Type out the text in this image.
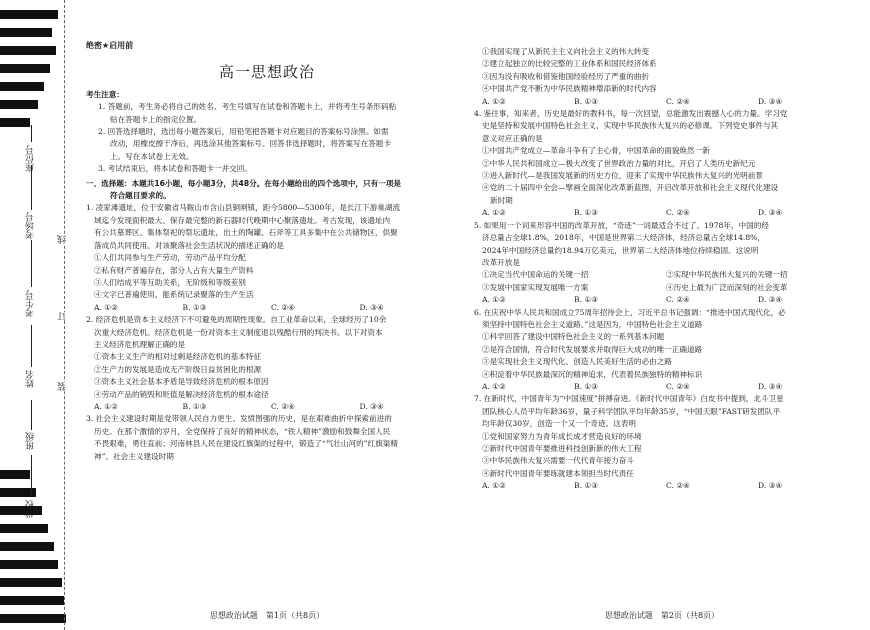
学校
班级
姓名
考生号
考场号
座位号
线
订
装

绝密★启用前

高一思想政治

考生注意：

1. 答题前，考生务必将自己的姓名、考生号填写在试卷和答题卡上，并将考生号条形码粘

贴在答题卡上的指定位置。

2. 回答选择题时，选出每小题答案后，用铅笔把答题卡对应题目的答案标号涂黑。如需

改动，用橡皮擦干净后，再选涂其他答案标号。回答非选择题时，将答案写在答题卡

上。写在本试卷上无效。

3. 考试结束后，将本试卷和答题卡一并交回。

一、选择题：本题共16小题，每小题3分，共48分。在每小题给出的四个选项中，只有一项是

符合题目要求的。

1. 凌家滩遗址，位于安徽省马鞍山市含山县铜闸镇，距今5800—5300年，是长江下游巢湖流

域迄今发现面积最大、保存最完整的新石器时代晚期中心聚落遗址。考古发现，该遗址内

有公共墓葬区、集体祭祀的祭坛遗址，出土的陶罐、石斧等工具多集中在公共储物区，供聚

落成员共同使用。对该聚落社会生活状况的描述正确的是

①人们共同参与生产劳动，劳动产品平均分配

②私有财产普遍存在，部分人占有大量生产资料

③人们结成平等互助关系，无阶级和等级差别

④文字已普遍使用，能系统记录聚落的生产生活

A. ①②	B. ①③	C. ②④	D. ③④

2. 经济危机是资本主义经济下不可避免的周期性现象。自工业革命以来，全球经历了10余

次重大经济危机。经济危机是一份对资本主义制度退以残酷行刑的判决书。以下对资本

主义经济危机理解正确的是

①资本主义生产的相对过剩是经济危机的基本特征

②生产力的发展是造成无产阶级日益贫困化的根源

③资本主义社会基本矛盾是导致经济危机的根本原因

④劳动产品的销毁和贬值是解决经济危机的根本途径

A. ①②	B. ①③	C. ②④	D. ③④

3. 社会主义建设时期是党带领人民自力更生、发愤图强的历史，是在艰难曲折中探索前进的

历史。在那个激情的岁月，全党保持了良好的精神状态，“铁人精神”激励和鼓舞全国人民

不畏艰难，勇往直前；河南林县人民在建设红旗渠的过程中，锻造了“气壮山河的”红旗渠精

神”。社会主义建设时期

思想政治试题　第1页（共8页）

①我国实现了从新民主主义向社会主义的伟大转变

②建立起独立的比较完整的工业体系和国民经济体系

③因为没有吸收和借鉴他国经验经历了严重的曲折

④中国共产党不断为中华民族精神增添新的时代内容

A. ①②	B. ①③	C. ②④	D. ③④

4. 鉴往事，知来者，历史是最好的教科书，每一次回望，总能激发出震撼人心的力量。学习党

史是坚持和发展中国特色社会主义、实现中华民族伟大复兴的必修课。下列党史事件与其

意义对应正确的是

①中国共产党成立—革命斗争有了主心骨，中国革命的面貌焕然一新

②中华人民共和国成立—极大改变了世界政治力量的对比，开启了人类历史新纪元

③进入新时代—是我国发展新的历史方位，迎来了实现中华民族伟大复兴的光明前景

④党的二十届四中全会—擘画全面深化改革新蓝图，开启改革开放和社会主义现代化建设

新时期

A. ①②	B. ①③	C. ②④	D. ③④

5. 如果用一个词来形容中国的改革开放，“奇迹”一词最适合不过了。1978年，中国的经

济总量占全球1.8%，2018年，中国是世界第二大经济体，经济总量占全球14.8%，

2024年中国经济总量约18.94万亿美元，世界第二大经济体地位持续稳固。这说明

改革开放是

①决定当代中国命运的关键一招	②实现中华民族伟大复兴的关键一招
③发展中国家实现发展唯一方案	④历史上最为广泛而深刻的社会变革
A. ①②	B. ①③	C. ②④	D. ③④

6. 在庆祝中华人民共和国成立75周年招待会上，习近平总书记强调：“推进中国式现代化，必

须坚持中国特色社会主义道路。”这是因为，中国特色社会主义道路

①科学回答了建设中国特色社会主义的一系列基本问题

②是符合国情，符合时代发展要求并取得巨大成功的唯一正确道路

③是实现社会主义现代化、创造人民美好生活的必由之路

④积淀着中华民族最深沉的精神追求，代表着民族独特的精神标识

A. ①②	B. ①③	C. ②④	D. ③④

7. 在新时代，中国青年为“中国速度”拼搏奋进。《新时代中国青年》白皮书中提到，北斗卫星

团队核心人员平均年龄36岁，量子科学团队平均年龄35岁，“中国天眼”FAST研发团队平

均年龄仅30岁，创造一个又一个奇迹。这表明

①党和国家努力为青年成长成才营造良好的环境

②新时代中国青年要推进科技创新新的伟大工程

③中华民族伟大复兴需要一代代青年接力奋斗

④新时代中国青年要练就建本领担当时代责任

A. ①②	B. ①③	C. ②④	D. ③④
思想政治试题　第2页（共8页）
